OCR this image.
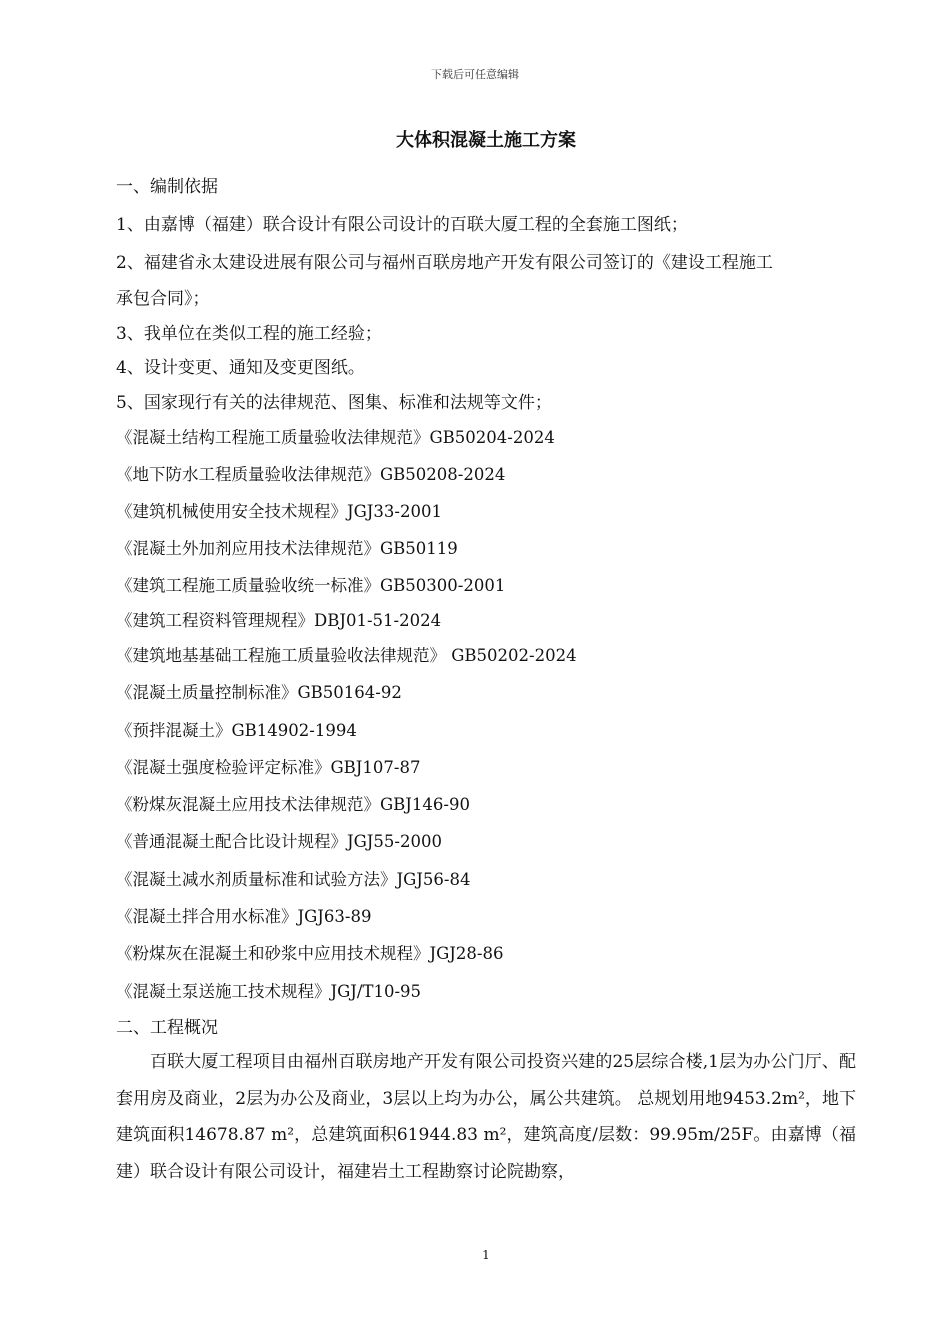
下载后可任意编辑
大体积混凝土施工方案
一、编制依据
1、由嘉博（福建）联合设计有限公司设计的百联大厦工程的全套施工图纸；
2、福建省永太建设进展有限公司与福州百联房地产开发有限公司签订的《建设工程施工
承包合同》；
3、我单位在类似工程的施工经验；
4、设计变更、通知及变更图纸。
5、国家现行有关的法律规范、图集、标准和法规等文件；
《混凝土结构工程施工质量验收法律规范》GB50204-2024
《地下防水工程质量验收法律规范》GB50208-2024
《建筑机械使用安全技术规程》JGJ33-2001
《混凝土外加剂应用技术法律规范》GB50119
《建筑工程施工质量验收统一标准》GB50300-2001
《建筑工程资料管理规程》DBJ01-51-2024
《建筑地基基础工程施工质量验收法律规范》 GB50202-2024
《混凝土质量控制标准》GB50164-92
《预拌混凝土》GB14902-1994
《混凝土强度检验评定标准》GBJ107-87
《粉煤灰混凝土应用技术法律规范》GBJ146-90
《普通混凝土配合比设计规程》JGJ55-2000
《混凝土减水剂质量标准和试验方法》JGJ56-84
《混凝土拌合用水标准》JGJ63-89
《粉煤灰在混凝土和砂浆中应用技术规程》JGJ28-86
《混凝土泵送施工技术规程》JGJ/T10-95
二、工程概况

百联大厦工程项目由福州百联房地产开发有限公司投资兴建的25层综合楼,1层为办公门厅、配套用房及商业，2层为办公及商业，3层以上均为办公，属公共建筑。 总规划用地9453.2m²，地下建筑面积14678.87 m²，总建筑面积61944.83 m²，建筑高度/层数：99.95m/25F。由嘉博（福建）联合设计有限公司设计，福建岩土工程勘察讨论院勘察，

1
